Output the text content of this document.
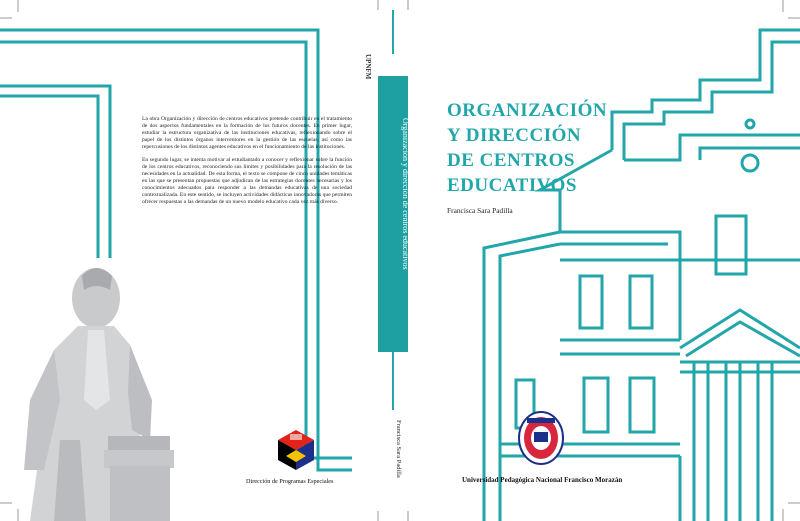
La obra Organización y dirección de centros educativos pretende contribuir en el tratamiento de dos aspectos fundamentales en la formación de los futuros docentes. En primer lugar, estudiar la estructura organizativa de las instituciones educativas, reflexionando sobre el papel de los distintos órganos interventores en la gestión de las escuelas, así como las repercusiones de los distintos agentes educativos en el funcionamiento de las instituciones.

En segundo lugar, se intenta motivar al estudiantado a conocer y reflexionar sobre la función de los centros educativos, reconociendo sus límites y posibilidades para la resolución de las necesidades en la actualidad. De esta forma, el texto se compone de cinco unidades temáticas en las que se presentan propuestas que adjudican de las estrategias docentes necesarias y los conocimientos adecuados para responder a las demandas educativas de una sociedad contextualizada. En este sentido, se incluyen actividades didácticas innovadoras que permiten ofrecer respuestas a las demandas de un nuevo modelo educativo cada vez más diverso.

Dirección de Programas Especiales
UPNFM
Organización y dirección de centros educativos
Francisca Sara Padilla
ORGANIZACIÓN
Y DIRECCIÓN
DE CENTROS
EDUCATIVOS
Francisca Sara Padilla
Universidad Pedagógica Nacional Francisco Morazán
